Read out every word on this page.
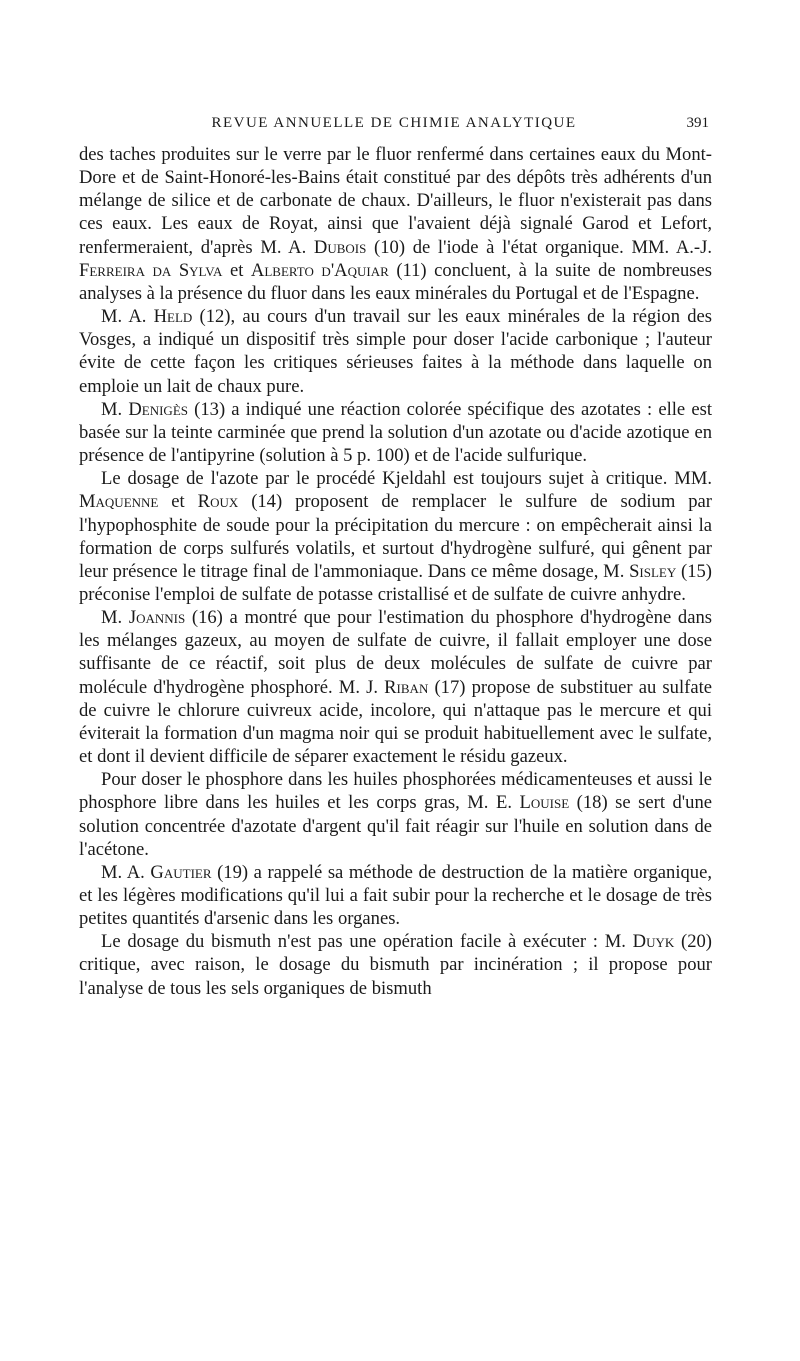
REVUE ANNUELLE DE CHIMIE ANALYTIQUE	391

des taches produites sur le verre par le fluor renfermé dans certaines eaux du Mont-Dore et de Saint-Honoré-les-Bains était constitué par des dépôts très adhérents d'un mélange de silice et de carbonate de chaux. D'ailleurs, le fluor n'existerait pas dans ces eaux. Les eaux de Royat, ainsi que l'avaient déjà signalé Garod et Lefort, renfermeraient, d'après M. A. Dubois (10) de l'iode à l'état organique. MM. A.-J. Ferreira da Sylva et Alberto d'Aquiar (11) concluent, à la suite de nombreuses analyses à la présence du fluor dans les eaux minérales du Portugal et de l'Espagne.

M. A. Held (12), au cours d'un travail sur les eaux minérales de la région des Vosges, a indiqué un dispositif très simple pour doser l'acide carbonique ; l'auteur évite de cette façon les critiques sérieuses faites à la méthode dans laquelle on emploie un lait de chaux pure.

M. Denigès (13) a indiqué une réaction colorée spécifique des azotates : elle est basée sur la teinte carminée que prend la solution d'un azotate ou d'acide azotique en présence de l'antipyrine (solution à 5 p. 100) et de l'acide sulfurique.

Le dosage de l'azote par le procédé Kjeldahl est toujours sujet à critique. MM. Maquenne et Roux (14) proposent de remplacer le sulfure de sodium par l'hypophosphite de soude pour la précipitation du mercure : on empêcherait ainsi la formation de corps sulfurés volatils, et surtout d'hydrogène sulfuré, qui gênent par leur présence le titrage final de l'ammoniaque. Dans ce même dosage, M. Sisley (15) préconise l'emploi de sulfate de potasse cristallisé et de sulfate de cuivre anhydre.

M. Joannis (16) a montré que pour l'estimation du phosphore d'hydrogène dans les mélanges gazeux, au moyen de sulfate de cuivre, il fallait employer une dose suffisante de ce réactif, soit plus de deux molécules de sulfate de cuivre par molécule d'hydrogène phosphoré. M. J. Riban (17) propose de substituer au sulfate de cuivre le chlorure cuivreux acide, incolore, qui n'attaque pas le mercure et qui éviterait la formation d'un magma noir qui se produit habituellement avec le sulfate, et dont il devient difficile de séparer exactement le résidu gazeux.

Pour doser le phosphore dans les huiles phosphorées médicamenteuses et aussi le phosphore libre dans les huiles et les corps gras, M. E. Louise (18) se sert d'une solution concentrée d'azotate d'argent qu'il fait réagir sur l'huile en solution dans de l'acétone.

M. A. Gautier (19) a rappelé sa méthode de destruction de la matière organique, et les légères modifications qu'il lui a fait subir pour la recherche et le dosage de très petites quantités d'arsenic dans les organes.

Le dosage du bismuth n'est pas une opération facile à exécuter : M. Duyk (20) critique, avec raison, le dosage du bismuth par incinération ; il propose pour l'analyse de tous les sels organiques de bismuth
